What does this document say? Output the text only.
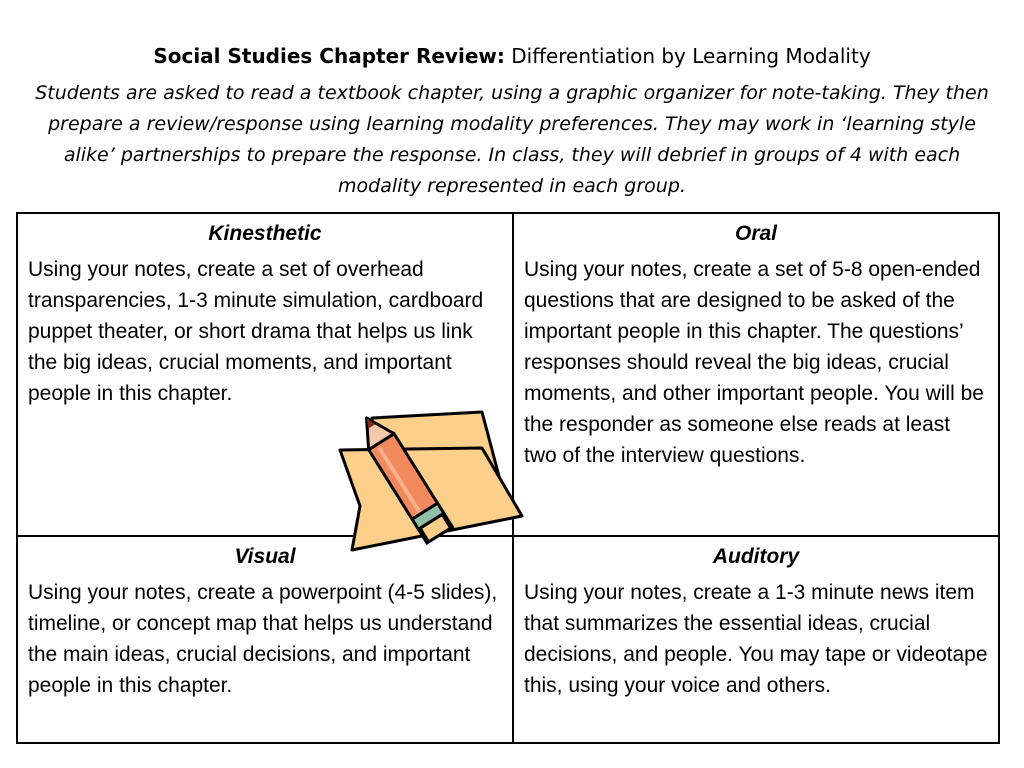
Social Studies Chapter Review: Differentiation by Learning Modality
Students are asked to read a textbook chapter, using a graphic organizer for note-taking. They then prepare a review/response using learning modality preferences. They may work in ‘learning style alike’ partnerships to prepare the response. In class, they will debrief in groups of 4 with each modality represented in each group.
Kinesthetic

Using your notes, create a set of overhead transparencies, 1-3 minute simulation, cardboard puppet theater, or short drama that helps us link the big ideas, crucial moments, and important people in this chapter.

Oral

Using your notes, create a set of 5-8 open-ended questions that are designed to be asked of the important people in this chapter. The questions’ responses should reveal the big ideas, crucial moments, and other important people. You will be the responder as someone else reads at least two of the interview questions.

Visual

Using your notes, create a powerpoint (4-5 slides), timeline, or concept map that helps us understand the main ideas, crucial decisions, and important people in this chapter.

Auditory

Using your notes, create a 1-3 minute news item that summarizes the essential ideas, crucial decisions, and people. You may tape or videotape this, using your voice and others.
